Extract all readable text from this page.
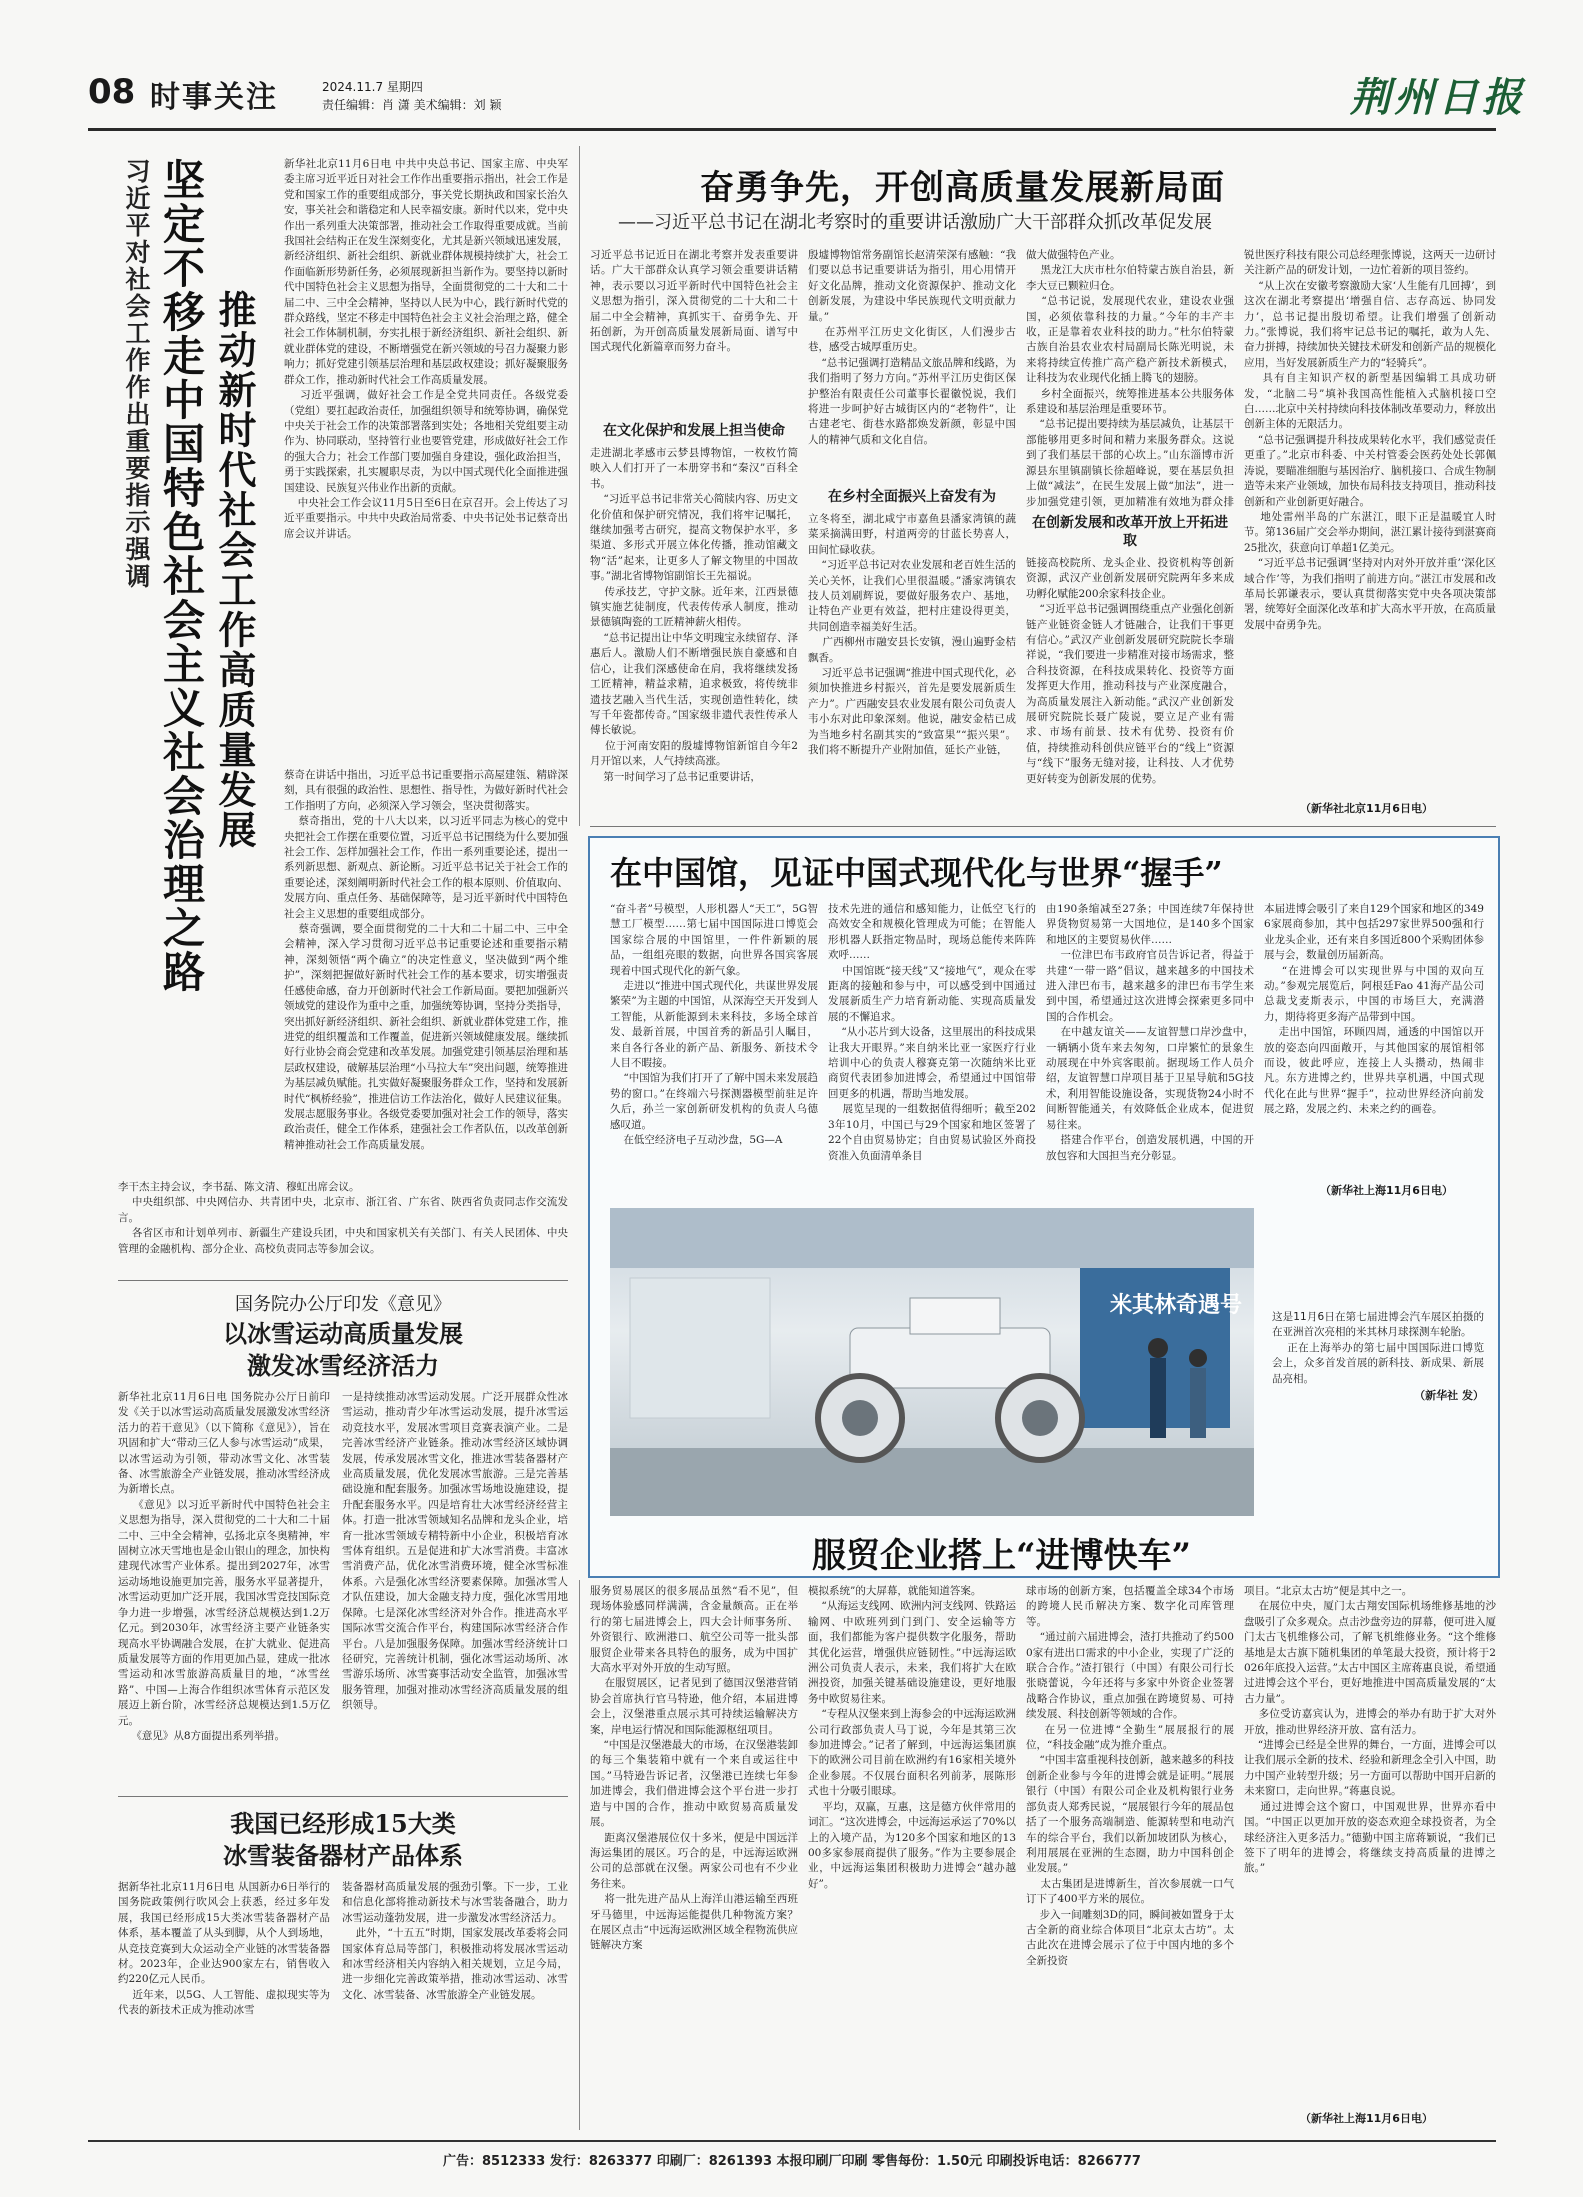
08 时事关注	2024.11.7 星期四
责任编辑：肖 潇 美术编辑：刘 颖	荆州日报
习近平对社会工作作出重要指示强调 坚定不移走中国特色社会主义社会治理之路 推动新时代社会工作高质量发展
新华社北京11月6日电 中共中央总书记、国家主席、中央军委主席习近平近日对社会工作作出重要指示指出，社会工作是党和国家工作的重要组成部分，事关党长期执政和国家长治久安，事关社会和谐稳定和人民幸福安康。新时代以来，党中央作出一系列重大决策部署，推动社会工作取得重要成就。当前我国社会结构正在发生深刻变化，尤其是新兴领域迅速发展，新经济组织、新社会组织、新就业群体规模持续扩大，社会工作面临新形势新任务，必须展现新担当新作为。要坚持以新时代中国特色社会主义思想为指导，全面贯彻党的二十大和二十届二中、三中全会精神，坚持以人民为中心，践行新时代党的群众路线，坚定不移走中国特色社会主义社会治理之路，健全社会工作体制机制，夯实扎根于新经济组织、新社会组织、新就业群体党的建设，不断增强党在新兴领域的号召力凝聚力影响力；抓好党建引领基层治理和基层政权建设；抓好凝聚服务群众工作，推动新时代社会工作高质量发展。
习近平强调，做好社会工作是全党共同责任。各级党委（党组）要扛起政治责任，加强组织领导和统筹协调，确保党中央关于社会工作的决策部署落到实处；各地相关党组要主动作为、协同联动，坚持管行业也要管党建，形成做好社会工作的强大合力；社会工作部门要加强自身建设，强化政治担当，勇于实践探索，扎实履职尽责，为以中国式现代化全面推进强国建设、民族复兴伟业作出新的贡献。
中央社会工作会议11月5日至6日在京召开。会上传达了习近平重要指示。中共中央政治局常委、中央书记处书记蔡奇出席会议并讲话。
蔡奇在讲话中指出，习近平总书记重要指示高屋建瓴、精辟深刻，具有很强的政治性、思想性、指导性，为做好新时代社会工作指明了方向，必须深入学习领会，坚决贯彻落实。
蔡奇指出，党的十八大以来，以习近平同志为核心的党中央把社会工作摆在重要位置，习近平总书记围绕为什么要加强社会工作、怎样加强社会工作，作出一系列重要论述，提出一系列新思想、新观点、新论断。习近平总书记关于社会工作的重要论述，深刻阐明新时代社会工作的根本原则、价值取向、发展方向、重点任务、基础保障等，是习近平新时代中国特色社会主义思想的重要组成部分。
蔡奇强调，要全面贯彻党的二十大和二十届二中、三中全会精神，深入学习贯彻习近平总书记重要论述和重要指示精神，深刻领悟“两个确立”的决定性意义，坚决做到“两个维护”，深刻把握做好新时代社会工作的基本要求，切实增强责任感使命感，奋力开创新时代社会工作新局面。要把加强新兴领域党的建设作为重中之重，加强统筹协调，坚持分类指导，突出抓好新经济组织、新社会组织、新就业群体党建工作，推进党的组织覆盖和工作覆盖，促进新兴领域健康发展。继续抓好行业协会商会党建和改革发展。加强党建引领基层治理和基层政权建设，破解基层治理“小马拉大车”突出问题，统筹推进为基层减负赋能。扎实做好凝聚服务群众工作，坚持和发展新时代“枫桥经验”，推进信访工作法治化，做好人民建议征集。发展志愿服务事业。各级党委要加强对社会工作的领导，落实政治责任，健全工作体系，建强社会工作者队伍，以改革创新精神推动社会工作高质量发展。
李干杰主持会议，李书磊、陈文清、穆虹出席会议。
中央组织部、中央网信办、共青团中央，北京市、浙江省、广东省、陕西省负责同志作交流发言。
各省区市和计划单列市、新疆生产建设兵团，中央和国家机关有关部门、有关人民团体、中央管理的金融机构、部分企业、高校负责同志等参加会议。
奋勇争先，开创高质量发展新局面
——习近平总书记在湖北考察时的重要讲话激励广大干部群众抓改革促发展
习近平总书记近日在湖北考察并发表重要讲话。广大干部群众认真学习领会重要讲话精神，表示要以习近平新时代中国特色社会主义思想为指引，深入贯彻党的二十大和二十届二中全会精神，真抓实干、奋勇争先、开拓创新，为开创高质量发展新局面、谱写中国式现代化新篇章而努力奋斗。
在文化保护和发展上担当使命
走进湖北孝感市云梦县博物馆，一枚枚竹简映入人们打开了一本册穿书和“秦汉”百科全书。
“习近平总书记非常关心简牍内容、历史文化价值和保护研究情况，我们将牢记嘱托，继续加强考古研究，提高文物保护水平，多渠道、多形式开展立体化传播，推动馆藏文物“活”起来，让更多人了解文物里的中国故事。”湖北省博物馆副馆长王先福说。
传承技艺，守护文脉。近年来，江西景德镇实施艺徒制度，代表传传承人制度，推动景德镇陶瓷的工匠精神薪火相传。
“总书记提出让中华文明瑰宝永续留存、泽惠后人。激励人们不断增强民族自豪感和自信心，让我们深感使命在肩，我将继续发扬工匠精神，精益求精，追求极致，将传统非遗技艺融入当代生活，实现创造性转化，续写千年瓷都传奇。”国家级非遗代表性传承人傅长敏说。
位于河南安阳的殷墟博物馆新馆自今年2月开馆以来，人气持续高涨。
第一时间学习了总书记重要讲话，
殷墟博物馆常务副馆长赵清荣深有感触：“我们要以总书记重要讲话为指引，用心用情开好文化品牌，推动文化资源保护、推动文化创新发展，为建设中华民族现代文明贡献力量。”
在苏州平江历史文化街区，人们漫步古巷，感受古城厚重历史。
“总书记强调打造精品文旅品牌和线路，为我们指明了努力方向。”苏州平江历史街区保护整治有限责任公司董事长翟徽悦说，我们将进一步呵护好古城街区内的“老物件”，让古建老宅、街巷水路都焕发新颜，彰显中国人的精神气质和文化自信。
在乡村全面振兴上奋发有为
立冬将至，湖北咸宁市嘉鱼县潘家湾镇的蔬菜采摘满田野，村道两旁的甘蓝长势喜人，田间忙碌收获。
“习近平总书记对农业发展和老百姓生活的关心关怀，让我们心里很温暖。”潘家湾镇农技人员刘刷辉说，要做好服务农户、基地，让特色产业更有效益，把村庄建设得更美，共同创造幸福美好生活。
广西柳州市融安县长安镇，漫山遍野金桔飘香。
习近平总书记强调“推进中国式现代化，必须加快推进乡村振兴，首先是要发展新质生产力”。广西融安县农业发展有限公司负责人韦小东对此印象深刻。他说，融安金桔已成为当地乡村名副其实的“致富果”“振兴果”。我们将不断提升产业附加值，延长产业链，
做大做强特色产业。
黑龙江大庆市杜尔伯特蒙古族自治县，新李大豆已颗粒归仓。
“总书记说，发展现代农业，建设农业强国，必须依靠科技的力量。”今年的丰产丰收，正是靠着农业科技的助力。”杜尔伯特蒙古族自治县农业农村局副局长陈光明说，未来将持续宣传推广高产稳产新技术新模式，让科技为农业现代化插上腾飞的翅膀。
乡村全面振兴，统筹推进基本公共服务体系建设和基层治理是重要环节。
“总书记提出要持续为基层减负，让基层干部能够用更多时间和精力来服务群众。这说到了我们基层干部的心坎上。”山东淄博市沂源县东里镇副镇长徐超峰说，要在基层负担上做“减法”，在民生发展上做“加法”，进一步加强党建引领，更加精准有效地为群众排
在创新发展和改革开放上开拓进取
链接高校院所、龙头企业、投资机构等创新资源，武汉产业创新发展研究院两年多来成功孵化赋能200余家科技企业。
“习近平总书记强调围绕重点产业强化创新链产业链资金链人才链融合，让我们干事更有信心。”武汉产业创新发展研究院院长李瑞祥说，“我们要进一步精准对接市场需求，整合科技资源，在科技成果转化、投资等方面发挥更大作用，推动科技与产业深度融合，为高质量发展注入新动能。”武汉产业创新发展研究院院长聂广陵说，要立足产业有需求、市场有前景、技术有优势、投资有价值，持续推动科创供应链平台的“线上”资源与“线下”服务无缝对接，让科技、人才优势更好转变为创新发展的优势。
锐世医疗科技有限公司总经理张博说，这两天一边研讨关注新产品的研发计划，一边忙着新的项目签约。
“从上次在安徽考察激励大家‘人生能有几回搏’，到这次在湖北考察提出‘增强自信、志存高远、协同发力’，总书记提出殷切希望。让我们增强了创新动力。”张博说，我们将牢记总书记的嘱托，敢为人先、奋力拼搏，持续加快关键技术研发和创新产品的规模化应用，当好发展新质生产力的“轻骑兵”。
具有自主知识产权的新型基因编辑工具成功研发，“北脑二号”填补我国高性能植入式脑机接口空白……北京中关村持续向科技体制改革要动力，释放出创新主体的无限活力。
“总书记强调提升科技成果转化水平，我们感觉责任更重了。”北京市科委、中关村管委会医药处处长郭佩涛说，要瞄准细胞与基因治疗、脑机接口、合成生物制造等未来产业领域，加快布局科技支持项目，推动科技创新和产业创新更好融合。
地处雷州半岛的广东湛江，眼下正是温暖宜人时节。第136届广交会举办期间，湛江累计接待到湛赛商25批次，获意向订单超1亿美元。
“习近平总书记强调‘坚持对内对外开放并重’‘深化区域合作’等，为我们指明了前进方向。”湛江市发展和改革局长郭谦表示，要认真贯彻落实党中央各项决策部署，统筹好全面深化改革和扩大高水平开放，在高质量发展中奋勇争先。
（新华社北京11月6日电）
在中国馆，见证中国式现代化与世界“握手”
“奋斗者”号模型，人形机器人“天工”，5G智慧工厂模型……第七届中国国际进口博览会国家综合展的中国馆里，一件件新颖的展品，一组组亮眼的数据，向世界各国宾客展现着中国式现代化的新气象。
走进以“推进中国式现代化，共谋世界发展繁荣”为主题的中国馆，从深海空天开发到人工智能，从新能源到未来科技，多场全球首发、最新首展，中国首秀的新品引人瞩目，来自各行各业的新产品、新服务、新技术令人目不暇接。
“中国馆为我们打开了了解中国未来发展趋势的窗口。”在终端六号探测器模型前驻足许久后，孙兰一家创新研发机构的负责人乌德感叹道。
在低空经济电子互动沙盘，5G—A
技术先进的通信和感知能力，让低空飞行的高效安全和规模化管理成为可能；在智能人形机器人跃指定物品时，现场总能传来阵阵欢呼……
中国馆既“接天线”又“接地气”，观众在零距离的接触和参与中，可以感受到中国通过发展新质生产力培育新动能、实现高质量发展的不懈追求。
“从小芯片到大设备，这里展出的科技成果让我大开眼界。”来自纳米比亚一家医疗行业培训中心的负责人穆赛克第一次随纳米比亚商贸代表团参加进博会，希望通过中国馆带回更多的机遇，帮助当地发展。
展览呈现的一组数据值得细听；截至2023年10月，中国已与29个国家和地区签署了22个自由贸易协定；自由贸易试验区外商投资准入负面清单条目
由190条缩减至27条；中国连续7年保持世界货物贸易第一大国地位，是140多个国家和地区的主要贸易伙伴……
一位津巴布韦政府官员告诉记者，得益于共建“一带一路”倡议，越来越多的中国技术进入津巴布韦，越来越多的津巴布韦学生来到中国，希望通过这次进博会探索更多同中国的合作机会。
在中越友谊关——友谊智慧口岸沙盘中，一辆辆小货车来去匆匆，口岸繁忙的景象生动展现在中外宾客眼前。据现场工作人员介绍，友谊智慧口岸项目基于卫星导航和5G技术，利用智能设施设备，实现货物24小时不间断智能通关，有效降低企业成本，促进贸易往来。
搭建合作平台，创造发展机遇，中国的开放包容和大国担当充分彰显。
本届进博会吸引了来自129个国家和地区的3496家展商参加，其中包括297家世界500强和行业龙头企业，还有来自多国近800个采购团体参展与会，数量创历届新高。
“在进博会可以实现世界与中国的双向互动。”参观完展览后，阿根廷Fao 41海产品公司总裁戈麦斯表示，中国的市场巨大，充满潜力，期待将更多海产品带到中国。
走出中国馆，环顾四周，通透的中国馆以开放的姿态向四面敞开，与其他国家的展馆相邻而设，彼此呼应，连接上人头攒动，热闹非凡。东方进博之约，世界共享机遇，中国式现代化在此与世界“握手”，拉动世界经济向前发展之路，发展之约、未来之约的画卷。
（新华社上海11月6日电）
米其林奇遇号	这是11月6日在第七届进博会汽车展区拍摄的在亚洲首次亮相的米其林月球探测车轮胎。
正在上海举办的第七届中国国际进口博览会上，众多首发首展的新科技、新成果、新展品亮相。
（新华社 发）
服贸企业搭上“进博快车”
国务院办公厅印发《意见》
以冰雪运动高质量发展
激发冰雪经济活力
新华社北京11月6日电 国务院办公厅日前印发《关于以冰雪运动高质量发展激发冰雪经济活力的若干意见》（以下简称《意见》），旨在巩固和扩大“带动三亿人参与冰雪运动”成果，以冰雪运动为引领，带动冰雪文化、冰雪装备、冰雪旅游全产业链发展，推动冰雪经济成为新增长点。
《意见》以习近平新时代中国特色社会主义思想为指导，深入贯彻党的二十大和二十届二中、三中全会精神，弘扬北京冬奥精神，牢固树立冰天雪地也是金山银山的理念，加快构建现代冰雪产业体系。提出到2027年，冰雪运动场地设施更加完善，服务水平显著提升，冰雪运动更加广泛开展，我国冰雪竞技国际竞争力进一步增强，冰雪经济总规模达到1.2万亿元。到2030年，冰雪经济主要产业链条实现高水平协调融合发展，在扩大就业、促进高质量发展等方面的作用更加凸显，建成一批冰雪运动和冰雪旅游高质量目的地，“冰雪丝路”、中国—上海合作组织冰雪体育示范区发展迈上新台阶，冰雪经济总规模达到1.5万亿元。
《意见》从8方面提出系列举措。
一是持续推动冰雪运动发展。广泛开展群众性冰雪运动，推动青少年冰雪运动发展，提升冰雪运动竞技水平，发展冰雪项目竞赛表演产业。二是完善冰雪经济产业链条。推动冰雪经济区域协调发展，传承发展冰雪文化，推进冰雪装备器材产业高质量发展，优化发展冰雪旅游。三是完善基础设施和配套服务。加强冰雪场地设施建设，提升配套服务水平。四是培育壮大冰雪经济经营主体。打造一批冰雪领域知名品牌和龙头企业，培育一批冰雪领域专精特新中小企业，积极培育冰雪体育组织。五是促进和扩大冰雪消费。丰富冰雪消费产品，优化冰雪消费环境，健全冰雪标准体系。六是强化冰雪经济要素保障。加强冰雪人才队伍建设，加大金融支持力度，强化冰雪用地保障。七是深化冰雪经济对外合作。推进高水平国际冰雪交流合作平台，构建国际冰雪经济合作平台。八是加强服务保障。加强冰雪经济统计口径研究，完善统计机制，强化冰雪运动场所、冰雪游乐场所、冰雪赛事活动安全监管，加强冰雪服务管理，加强对推动冰雪经济高质量发展的组织领导。
我国已经形成15大类
冰雪装备器材产品体系
据新华社北京11月6日电 从国新办6日举行的国务院政策例行吹风会上获悉，经过多年发展，我国已经形成15大类冰雪装备器材产品体系，基本覆盖了从头到脚，从个人到场地，从竞技竞赛到大众运动全产业链的冰雪装备器材。2023年，企业达900家左右，销售收入约220亿元人民币。
近年来，以5G、人工智能、虚拟现实等为代表的新技术正成为推动冰雪
装备器材高质量发展的强劲引擎。下一步，工业和信息化部将推动新技术与冰雪装备融合，助力冰雪运动蓬勃发展，进一步激发冰雪经济活力。
此外，“十五五”时期，国家发展改革委将会同国家体育总局等部门，积极推动将发展冰雪运动和冰雪经济相关内容纳入相关规划，立足今局，进一步细化完善政策举措，推动冰雪运动、冰雪文化、冰雪装备、冰雪旅游全产业链发展。
服务贸易展区的很多展品虽然“看不见”，但现场体验感同样满满，含金量颇高。正在举行的第七届进博会上，四大会计师事务所、外资银行、欧洲港口、航空公司等一批头部服贸企业带来各具特色的服务，成为中国扩大高水平对外开放的生动写照。
在服贸展区，记者见到了德国汉堡港营销协会首席执行官马特逊，他介绍，本届进博会上，汉堡港重点展示其可持续运输解决方案，岸电运行情况和国际能源枢纽项目。
“中国是汉堡港最大的市场，在汉堡港装卸的每三个集装箱中就有一个来自或运往中国。”马特逊告诉记者，汉堡港已连续七年参加进博会，我们借进博会这个平台进一步打造与中国的合作，推动中欧贸易高质量发展。
距离汉堡港展位仅十多米，便是中国远洋海运集团的展区。巧合的是，中远海运欧洲公司的总部就在汉堡。两家公司也有不少业务往来。
将一批先进产品从上海洋山港运输至西班牙马德里，中远海运能提供几种物流方案？在展区点击“中远海运欧洲区域全程物流供应链解决方案
模拟系统”的大屏幕，就能知道答案。
“从海运支线网、欧洲内河支线网、铁路运输网、中欧班列到门到门、安全运输等方面，我们都能为客户提供数字化服务，帮助其优化运营，增强供应链韧性。”中远海运欧洲公司负责人表示，未来，我们将扩大在欧洲投资，加强关键基础设施建设，更好地服务中欧贸易往来。
“专程从汉堡来到上海参会的中远海运欧洲公司行政部负责人马丁说，今年是其第三次参加进博会。”记者了解到，中远海运集团旗下的欧洲公司目前在欧洲约有16家相关境外企业参展。不仅展台面积名列前茅，展陈形式也十分吸引眼球。
平均，双赢，互惠，这是德方伙伴常用的词汇。“这次进博会，中远海运承运了70%以上的入境产品，为120多个国家和地区的1300多家参展商提供了服务。”作为主要参展企业，中远海运集团积极助力进博会“越办越好”。
球市场的创新方案，包括覆盖全球34个市场的跨境人民币解决方案、数字化司库管理等。
“通过前六届进博会，渣打共推动了约5000家有进出口需求的中小企业，实现了广泛的联合合作。”渣打银行（中国）有限公司行长张晓蕾说，今年还将与多家中外资企业签署战略合作协议，重点加强在跨境贸易、可持续发展、科技创新等领域的合作。
在另一位进博“全勤生”展展报行的展位，“科技金融”成为推介重点。
“中国丰富重视科技创新，越来越多的科技创新企业参与今年的进博会就是证明。”展展银行（中国）有限公司企业及机构银行业务部负责人郑秀民说，“展展银行今年的展品包括了一个服务高端制造、能源转型和电动汽车的综合平台，我们以新加坡团队为核心，利用展展在亚洲的生态圈，助力中国科创企业发展。”
太古集团是进博新生，首次参展就一口气订下了400平方米的展位。
步入一间雕刻3D的同，瞬间被如置身于太古全新的商业综合体项目“北京太古坊”。太古此次在进博会展示了位于中国内地的多个全新投资
项目。“北京太古坊”便是其中之一。
在展位中央，厦门太古翔安国际机场维修基地的沙盘吸引了众多观众。点击沙盘旁边的屏幕，便可进入厦门太古飞机维修公司，了解飞机维修业务。“这个维修基地是太古旗下随机集团的单笔最大投资，预计将于2026年底投入运营。”太古中国区主席蒋惠良说，希望通过进博会这个平台，更好地推进中国高质量发展的“太古力量”。
多位受访嘉宾认为，进博会的举办有助于扩大对外开放，推动世界经济开放、富有活力。
“进博会已经是全世界的舞台，一方面，进博会可以让我们展示全新的技术、经验和新理念全引入中国，助力中国产业转型升级；另一方面可以帮助中国开启新的未来窗口，走向世界。”蒋惠良说。
通过进博会这个窗口，中国观世界，世界亦看中国。“中国正以更加开放的姿态欢迎全球投资者，为全球经济注入更多活力。”德勤中国主席蒋颖说，“我们已签下了明年的进博会，将继续支持高质量的进博之旅。”
（新华社上海11月6日电）
广告：8512333 发行：8263377 印刷厂：8261393 本报印刷厂印刷 零售每份：1.50元 印刷投诉电话：8266777
